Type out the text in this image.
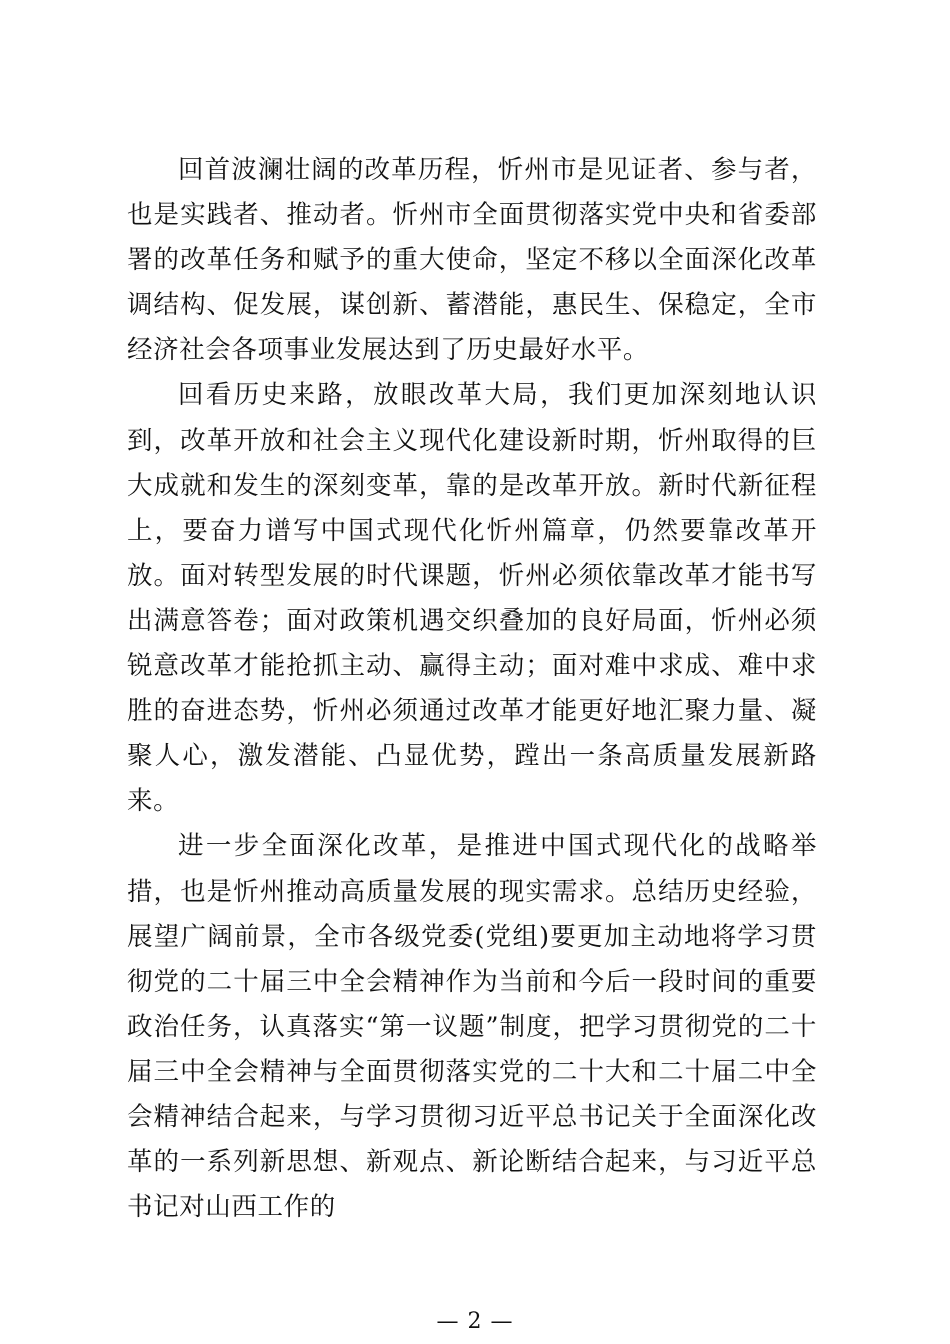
回首波澜壮阔的改革历程，忻州市是见证者、参与者，也是实践者、推动者。忻州市全面贯彻落实党中央和省委部署的改革任务和赋予的重大使命，坚定不移以全面深化改革调结构、促发展，谋创新、蓄潜能，惠民生、保稳定，全市经济社会各项事业发展达到了历史最好水平。

回看历史来路，放眼改革大局，我们更加深刻地认识到，改革开放和社会主义现代化建设新时期，忻州取得的巨大成就和发生的深刻变革，靠的是改革开放。新时代新征程上，要奋力谱写中国式现代化忻州篇章，仍然要靠改革开放。面对转型发展的时代课题，忻州必须依靠改革才能书写出满意答卷；面对政策机遇交织叠加的良好局面，忻州必须锐意改革才能抢抓主动、赢得主动；面对难中求成、难中求胜的奋进态势，忻州必须通过改革才能更好地汇聚力量、凝聚人心，激发潜能、凸显优势，蹚出一条高质量发展新路来。

进一步全面深化改革，是推进中国式现代化的战略举措，也是忻州推动高质量发展的现实需求。总结历史经验，展望广阔前景，全市各级党委(党组)要更加主动地将学习贯彻党的二十届三中全会精神作为当前和今后一段时间的重要政治任务，认真落实“第一议题”制度，把学习贯彻党的二十届三中全会精神与全面贯彻落实党的二十大和二十届二中全会精神结合起来，与学习贯彻习近平总书记关于全面深化改革的一系列新思想、新观点、新论断结合起来，与习近平总书记对山西工作的

— 2 —
